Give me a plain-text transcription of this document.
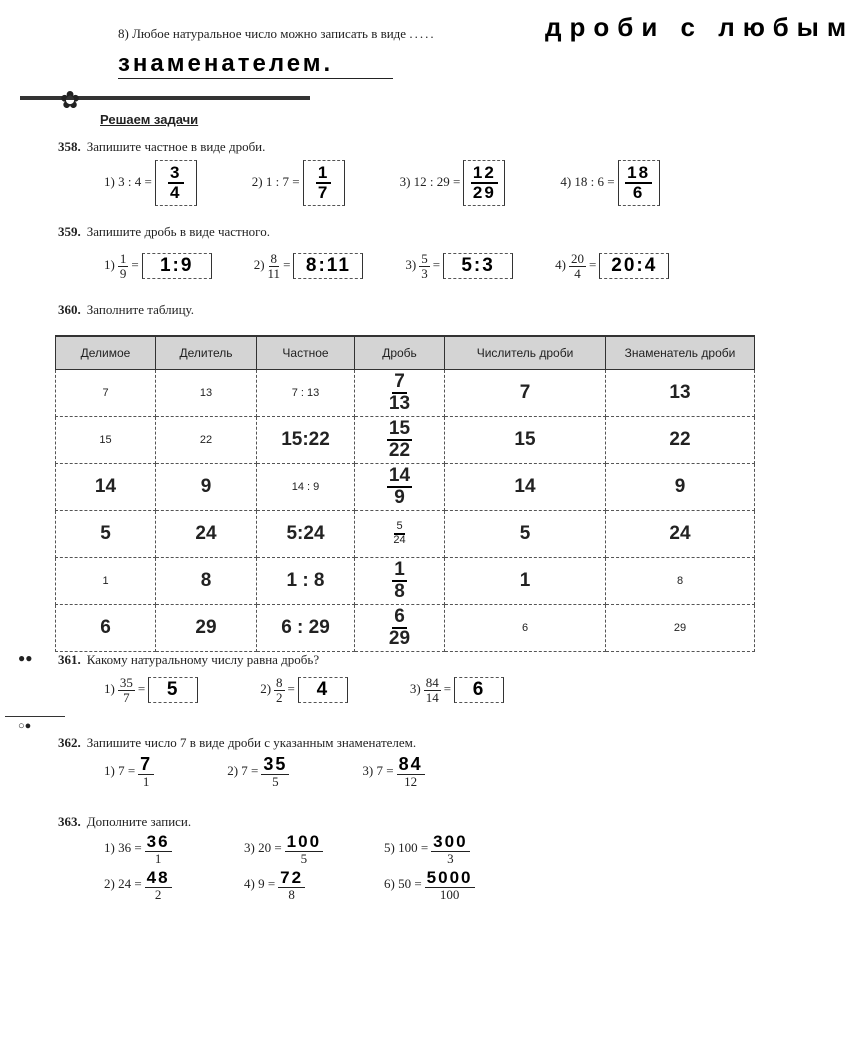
8) Любое натуральное число можно записать в виде .....	дроби с любым
знаменателем.
✿
Решаем задачи
358. Запишите частное в виде дроби.
1) 3 : $4 = \frac{3}{4}$	2) 1 : $7 = \frac{1}{7}$	3) 12 : $29 = \frac{12}{29}$	4) 18 : $6 = \frac{18}{6}$
359. Запишите дробь в виде частного.
$1) \frac{1}{9}$ = 1:9	$2) \frac{8}{11}$ = 8:11	$3) \frac{5}{3}$ = 5:3	$4) \frac{20}{4}$ = 20:4
360. Заполните таблицу.
Делимое	Делитель	Частное	Дробь	Числитель дроби	Знаменатель дроби
7	13	7 : 13	$\frac{7}{13}$	7	13
15	22	15:22	$\frac{15}{22}$	15	22
14	9	14 : 9	$\frac{14}{9}$	14	9
5	24	5:24	$\frac{5}{24}$	5	24
1	8	1 : 8	$\frac{1}{8}$	1	8
6	29	6 : 29	$\frac{6}{29}$	6	29
●● 361. Какому натуральному числу равна дробь?
$1) \frac{35}{7} = 5$	$2) \frac{8}{2} = 4$	$3) \frac{84}{14} = 6$
○●
362. Запишите число 7 в виде дроби с указанным знаменателем.
1) $7 = \frac{7}{1}$	2) $7 = \frac{35}{5}$	3) $7 = \frac{84}{12}$
363. Дополните записи.
1) $36 = \frac{36}{1}$	3) $20 = \frac{100}{5}$	5) $100 = \frac{300}{3}$
2) $24 = \frac{48}{2}$	4) $9 = \frac{72}{8}$	6) $50 = \frac{5000}{100}$
